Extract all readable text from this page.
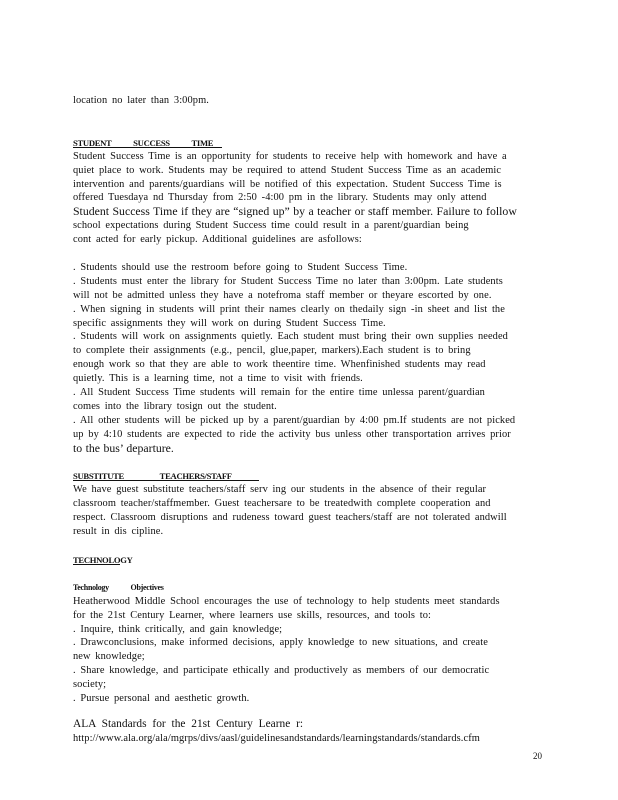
location no later than 3:00pm.
STUDENT SUCCESS TIME
Student Success Time is an opportunity for students to receive help with homework and have a
quiet place to work. Students may be required to attend Student Success Time as an academic
intervention and parents/guardians will be notified of this expectation. Student Success Time is
offered Tuesdaya nd Thursday from 2:50 -4:00 pm in the library. Students may only attend
Student Success Time if they are “signed up” by a teacher or staff member. Failure to follow
school expectations during Student Success time could result in a parent/guardian being
cont acted for early pickup. Additional guidelines are asfollows:
. Students should use the restroom before going to Student Success Time.
. Students must enter the library for Student Success Time no later than 3:00pm. Late students
will not be admitted unless they have a notefroma staff member or theyare escorted by one.
. When signing in students will print their names clearly on thedaily sign -in sheet and list the
specific assignments they will work on during Student Success Time.
. Students will work on assignments quietly. Each student must bring their own supplies needed
to complete their assignments (e.g., pencil, glue,paper, markers).Each student is to bring
enough work so that they are able to work theentire time. Whenfinished students may read
quietly. This is a learning time, not a time to visit with friends.
. All Student Success Time students will remain for the entire time unlessa parent/guardian
comes into the library tosign out the student.
. All other students will be picked up by a parent/guardian by 4:00 pm.If students are not picked
up by 4:10 students are expected to ride the activity bus unless other transportation arrives prior
to the bus’ departure.
SUBSTITUTE TEACHERS/STAFF
We have guest substitute teachers/staff serv ing our students in the absence of their regular
classroom teacher/staffmember. Guest teachersare to be treatedwith complete cooperation and
respect. Classroom disruptions and rudeness toward guest teachers/staff are not tolerated andwill
result in dis cipline.
TECHNOLOGY
Technology Objectives
Heatherwood Middle School encourages the use of technology to help students meet standards
for the 21st Century Learner, where learners use skills, resources, and tools to:
. Inquire, think critically, and gain knowledge;
. Drawconclusions, make informed decisions, apply knowledge to new situations, and create
new knowledge;
. Share knowledge, and participate ethically and productively as members of our democratic
society;
. Pursue personal and aesthetic growth.
ALA Standards for the 21st Century Learne r:
http://www.ala.org/ala/mgrps/divs/aasl/guidelinesandstandards/learningstandards/standards.cfm
20
